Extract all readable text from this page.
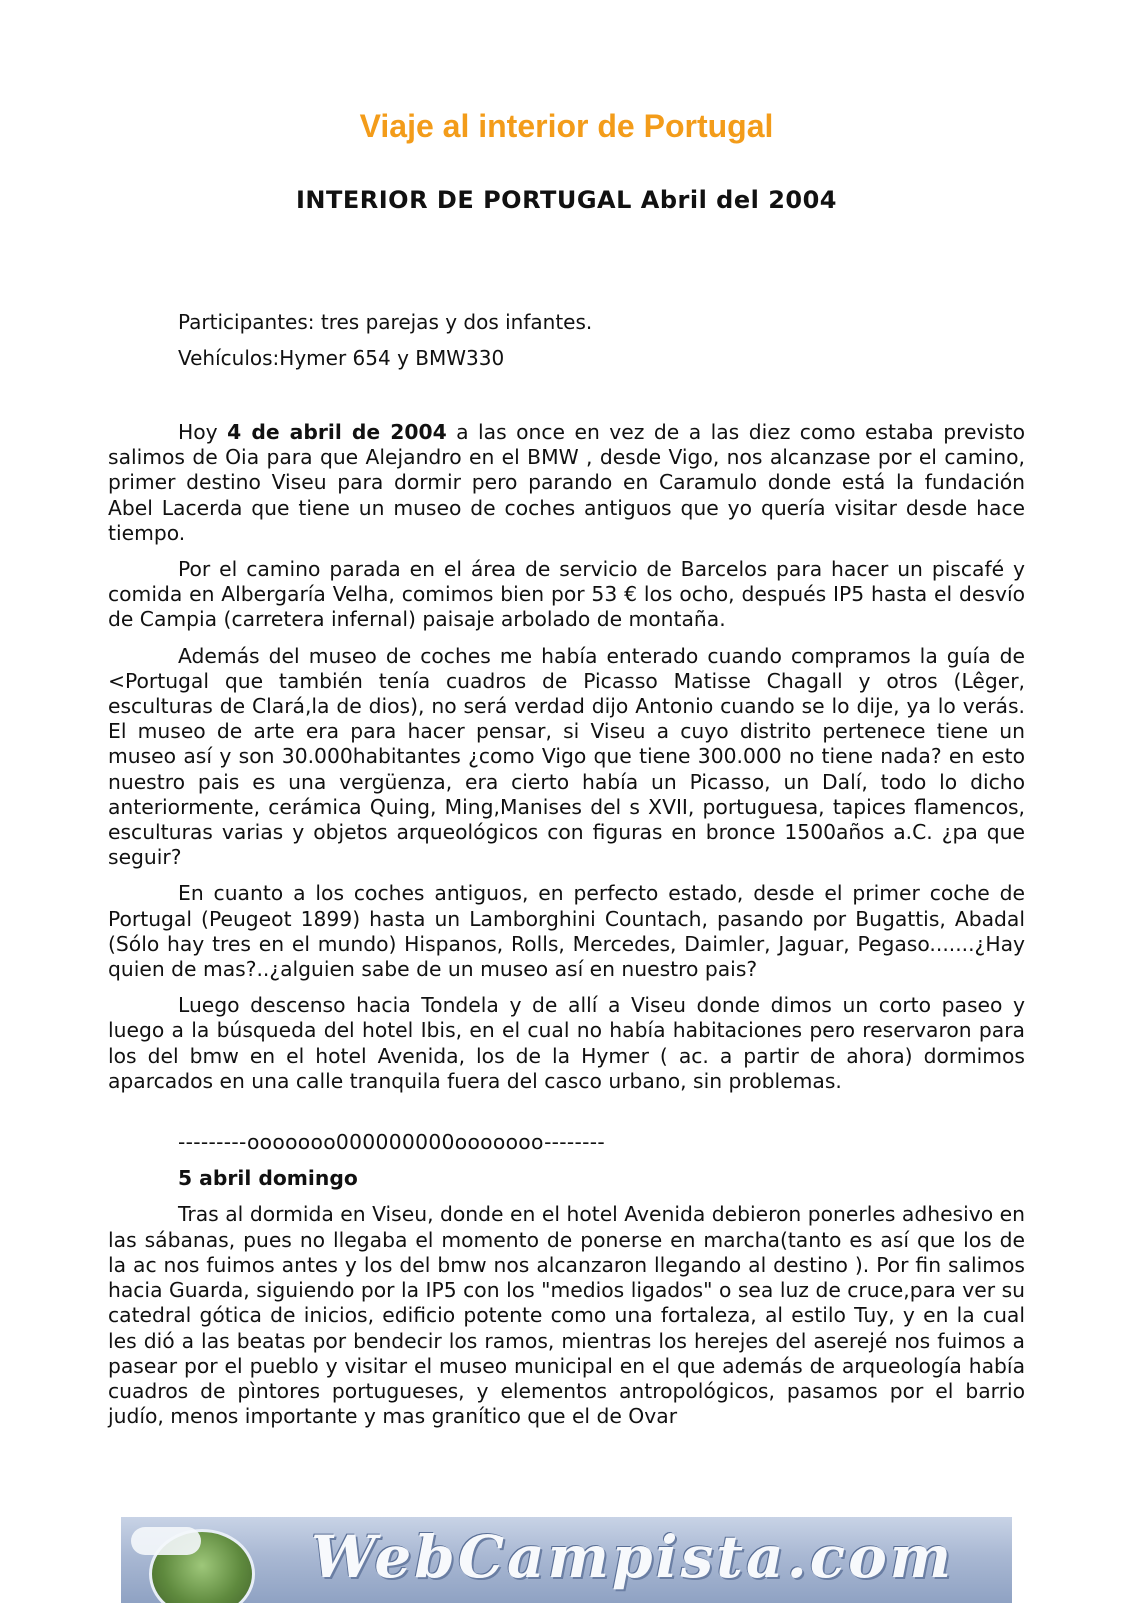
Viaje al interior de Portugal
INTERIOR DE PORTUGAL Abril del 2004

Participantes: tres parejas y dos infantes.

Vehículos:Hymer 654 y BMW330

Hoy 4 de abril de 2004 a las once en vez de a las diez como estaba previsto salimos de Oia para que Alejandro en el BMW , desde Vigo, nos alcanzase por el camino, primer destino Viseu para dormir pero parando en Caramulo donde está la fundación Abel Lacerda que tiene un museo de coches antiguos que yo quería visitar desde hace tiempo.

Por el camino parada en el área de servicio de Barcelos para hacer un piscafé y comida en Albergaría Velha, comimos bien por 53 € los ocho, después IP5 hasta el desvío de Campia (carretera infernal) paisaje arbolado de montaña.

Además del museo de coches me había enterado cuando compramos la guía de <Portugal que también tenía cuadros de Picasso Matisse Chagall y otros (Lêger, esculturas de Clará,la de dios), no será verdad dijo Antonio cuando se lo dije, ya lo verás. El museo de arte era para hacer pensar, si Viseu a cuyo distrito pertenece tiene un museo así y son 30.000habitantes ¿como Vigo que tiene 300.000 no tiene nada? en esto nuestro pais es una vergüenza, era cierto había un Picasso, un Dalí, todo lo dicho anteriormente, cerámica Quing, Ming,Manises del s XVII, portuguesa, tapices flamencos, esculturas varias y objetos arqueológicos con figuras en bronce 1500años a.C. ¿pa que seguir?

En cuanto a los coches antiguos, en perfecto estado, desde el primer coche de Portugal (Peugeot 1899) hasta un Lamborghini Countach, pasando por Bugattis, Abadal (Sólo hay tres en el mundo) Hispanos, Rolls, Mercedes, Daimler, Jaguar, Pegaso.......¿Hay quien de mas?..¿alguien sabe de un museo así en nuestro pais?

Luego descenso hacia Tondela y de allí a Viseu donde dimos un corto paseo y luego a la búsqueda del hotel Ibis, en el cual no había habitaciones pero reservaron para los del bmw en el hotel Avenida, los de la Hymer ( ac. a partir de ahora) dormimos aparcados en una calle tranquila fuera del casco urbano, sin problemas.

---------ooooooo000000000ooooooo--------

5 abril domingo

Tras al dormida en Viseu, donde en el hotel Avenida debieron ponerles adhesivo en las sábanas, pues no llegaba el momento de ponerse en marcha(tanto es así que los de la ac nos fuimos antes y los del bmw nos alcanzaron llegando al destino ). Por fin salimos hacia Guarda, siguiendo por la IP5 con los "medios ligados" o sea luz de cruce,para ver su catedral gótica de inicios, edificio potente como una fortaleza, al estilo Tuy, y en la cual les dió a las beatas por bendecir los ramos, mientras los herejes del aserejé nos fuimos a pasear por el pueblo y visitar el museo municipal en el que además de arqueología había cuadros de pìntores portugueses, y elementos antropológicos, pasamos por el barrio judío, menos importante y mas granítico que el de Ovar

WebCampista.com
